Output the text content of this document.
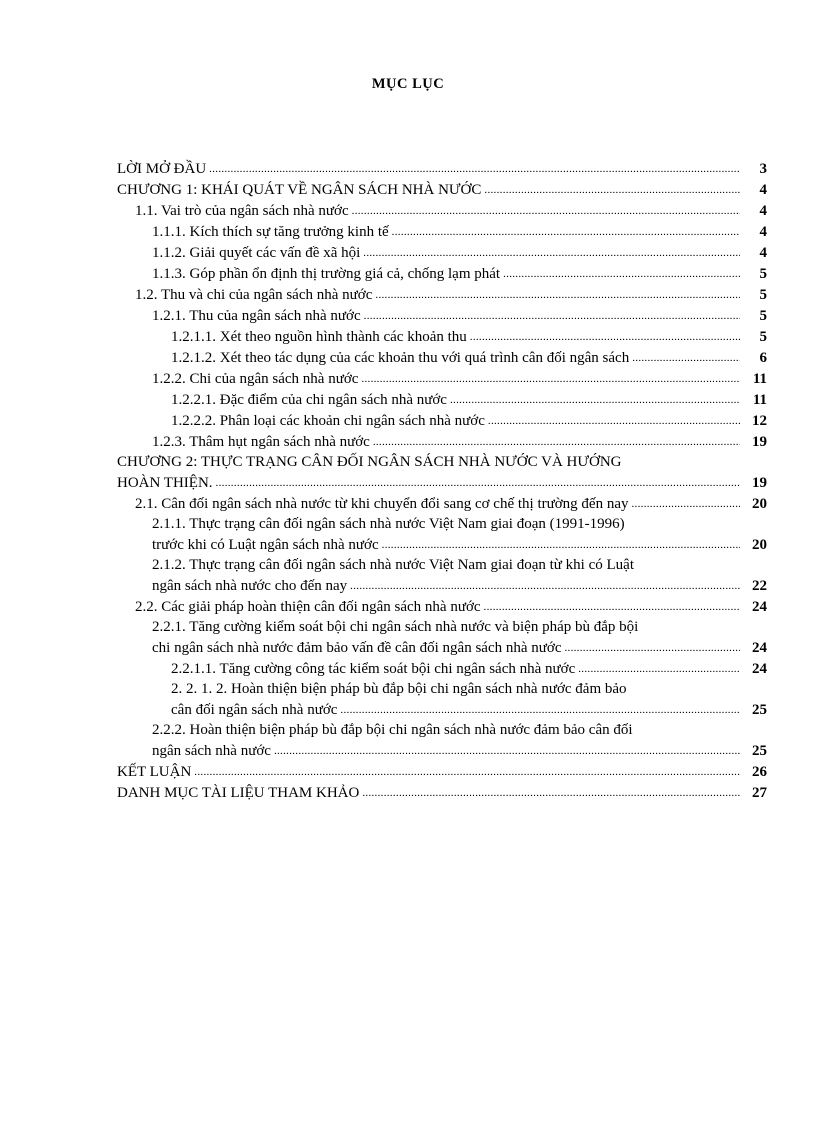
MỤC LỤC
LỜI MỞ ĐẦU .....	3
CHƯƠNG 1: KHÁI QUÁT VỀ NGÂN SÁCH NHÀ NƯỚC .....	4
1.1. Vai trò của ngân sách nhà nước .....	4
1.1.1. Kích thích sự tăng trưởng kinh tế .....	4
1.1.2. Giải quyết các vấn đề xã hội .....	4
1.1.3. Góp phần ổn định thị trường giá cả, chống lạm phát .....	5
1.2. Thu và chi của ngân sách nhà nước .....	5
1.2.1. Thu của ngân sách nhà nước .....	5
1.2.1.1. Xét theo nguồn hình thành các khoản thu .....	5
1.2.1.2. Xét theo tác dụng của các khoản thu với quá trình cân đối ngân sách .....	6
1.2.2. Chi của ngân sách nhà nước .....	11
1.2.2.1. Đặc điểm của chi ngân sách nhà nước .....	11
1.2.2.2. Phân loại các khoản chi ngân sách nhà nước .....	12
1.2.3. Thâm hụt ngân sách nhà nước .....	19
CHƯƠNG 2: THỰC TRẠNG CÂN ĐỐI NGÂN SÁCH NHÀ NƯỚC VÀ HƯỚNG
HOÀN THIỆN. .....	19
2.1. Cân đối ngân sách nhà nước từ khi chuyển đổi sang cơ chế thị trường đến nay .....	20
2.1.1. Thực trạng cân đối ngân sách nhà nước Việt Nam giai đoạn (1991-1996)
trước khi có Luật ngân sách nhà nước .....	20
2.1.2. Thực trạng cân đối ngân sách nhà nước Việt Nam giai đoạn từ khi có Luật
ngân sách nhà nước cho đến nay .....	22
2.2. Các giải pháp hoàn thiện cân đối ngân sách nhà nước .....	24
2.2.1. Tăng cường kiểm soát bội chi ngân sách nhà nước và biện pháp bù đắp bội
chi ngân sách nhà nước đảm bảo vấn đề cân đối ngân sách nhà nước .....	24
2.2.1.1. Tăng cường công tác kiểm soát bội chi ngân sách nhà nước .....	24
2. 2. 1. 2. Hoàn thiện biện pháp bù đắp bội chi ngân sách nhà nước đảm bảo
cân đối ngân sách nhà nước .....	25
2.2.2. Hoàn thiện biện pháp bù đắp bội chi ngân sách nhà nước đảm bảo cân đối
ngân sách nhà nước .....	25
KẾT LUẬN .....	26
DANH MỤC TÀI LIỆU THAM KHẢO .....	27
